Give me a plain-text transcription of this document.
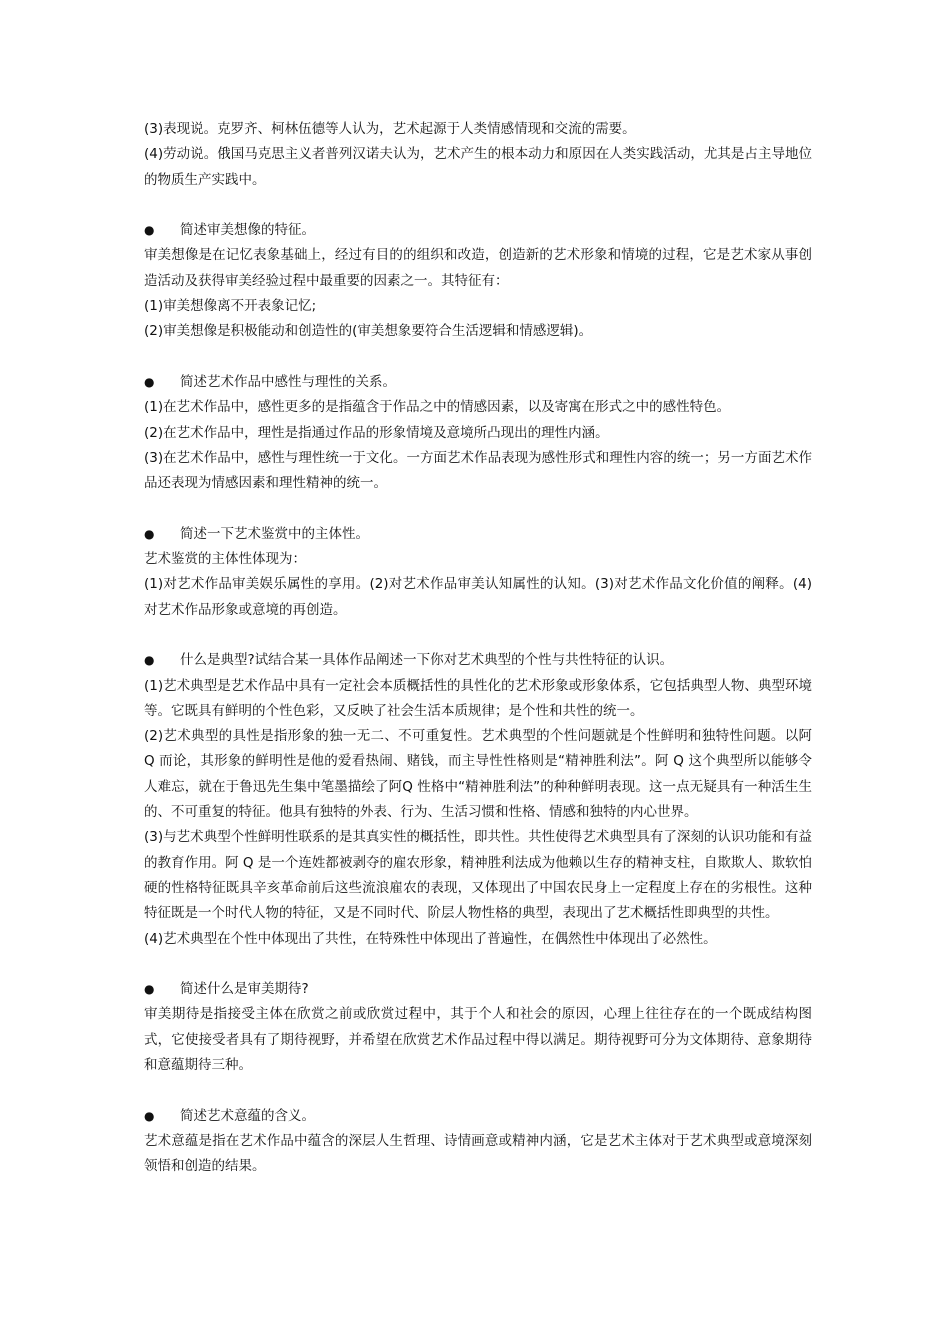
(3)表现说。克罗齐、柯林伍德等人认为，艺术起源于人类情感情现和交流的需要。

(4)劳动说。俄国马克思主义者普列汉诺夫认为，艺术产生的根本动力和原因在人类实践活动，尤其是占主导地位的物质生产实践中。

● 简述审美想像的特征。

审美想像是在记忆表象基础上，经过有目的的组织和改造，创造新的艺术形象和情境的过程，它是艺术家从事创造活动及获得审美经验过程中最重要的因素之一。其特征有：

(1)审美想像离不开表象记忆;

(2)审美想像是积极能动和创造性的(审美想象要符合生活逻辑和情感逻辑)。

● 简述艺术作品中感性与理性的关系。

(1)在艺术作品中，感性更多的是指蕴含于作品之中的情感因素，以及寄寓在形式之中的感性特色。

(2)在艺术作品中，理性是指通过作品的形象情境及意境所凸现出的理性内涵。

(3)在艺术作品中，感性与理性统一于文化。一方面艺术作品表现为感性形式和理性内容的统一；另一方面艺术作品还表现为情感因素和理性精神的统一。

● 简述一下艺术鉴赏中的主体性。

艺术鉴赏的主体性体现为：

(1)对艺术作品审美娱乐属性的享用。(2)对艺术作品审美认知属性的认知。(3)对艺术作品文化价值的阐释。(4)对艺术作品形象或意境的再创造。

● 什么是典型?试结合某一具体作品阐述一下你对艺术典型的个性与共性特征的认识。

(1)艺术典型是艺术作品中具有一定社会本质概括性的具性化的艺术形象或形象体系，它包括典型人物、典型环境等。它既具有鲜明的个性色彩，又反映了社会生活本质规律；是个性和共性的统一。

(2)艺术典型的具性是指形象的独一无二、不可重复性。艺术典型的个性问题就是个性鲜明和独特性问题。以阿 Q 而论，其形象的鲜明性是他的爱看热闹、赌钱，而主导性性格则是“精神胜利法”。阿 Q 这个典型所以能够令人难忘，就在于鲁迅先生集中笔墨描绘了阿Q 性格中“精神胜利法”的种种鲜明表现。这一点无疑具有一种活生生的、不可重复的特征。他具有独特的外表、行为、生活习惯和性格、情感和独特的内心世界。

(3)与艺术典型个性鲜明性联系的是其真实性的概括性，即共性。共性使得艺术典型具有了深刻的认识功能和有益的教育作用。阿 Q 是一个连姓都被剥夺的雇农形象，精神胜利法成为他赖以生存的精神支柱，自欺欺人、欺软怕硬的性格特征既具辛亥革命前后这些流浪雇农的表现，又体现出了中国农民身上一定程度上存在的劣根性。这种特征既是一个时代人物的特征，又是不同时代、阶层人物性格的典型，表现出了艺术概括性即典型的共性。

(4)艺术典型在个性中体现出了共性，在特殊性中体现出了普遍性，在偶然性中体现出了必然性。

● 简述什么是审美期待?

审美期待是指接受主体在欣赏之前或欣赏过程中，其于个人和社会的原因，心理上往往存在的一个既成结构图式，它使接受者具有了期待视野，并希望在欣赏艺术作品过程中得以满足。期待视野可分为文体期待、意象期待和意蕴期待三种。

● 简述艺术意蕴的含义。

艺术意蕴是指在艺术作品中蕴含的深层人生哲理、诗情画意或精神内涵，它是艺术主体对于艺术典型或意境深刻领悟和创造的结果。
